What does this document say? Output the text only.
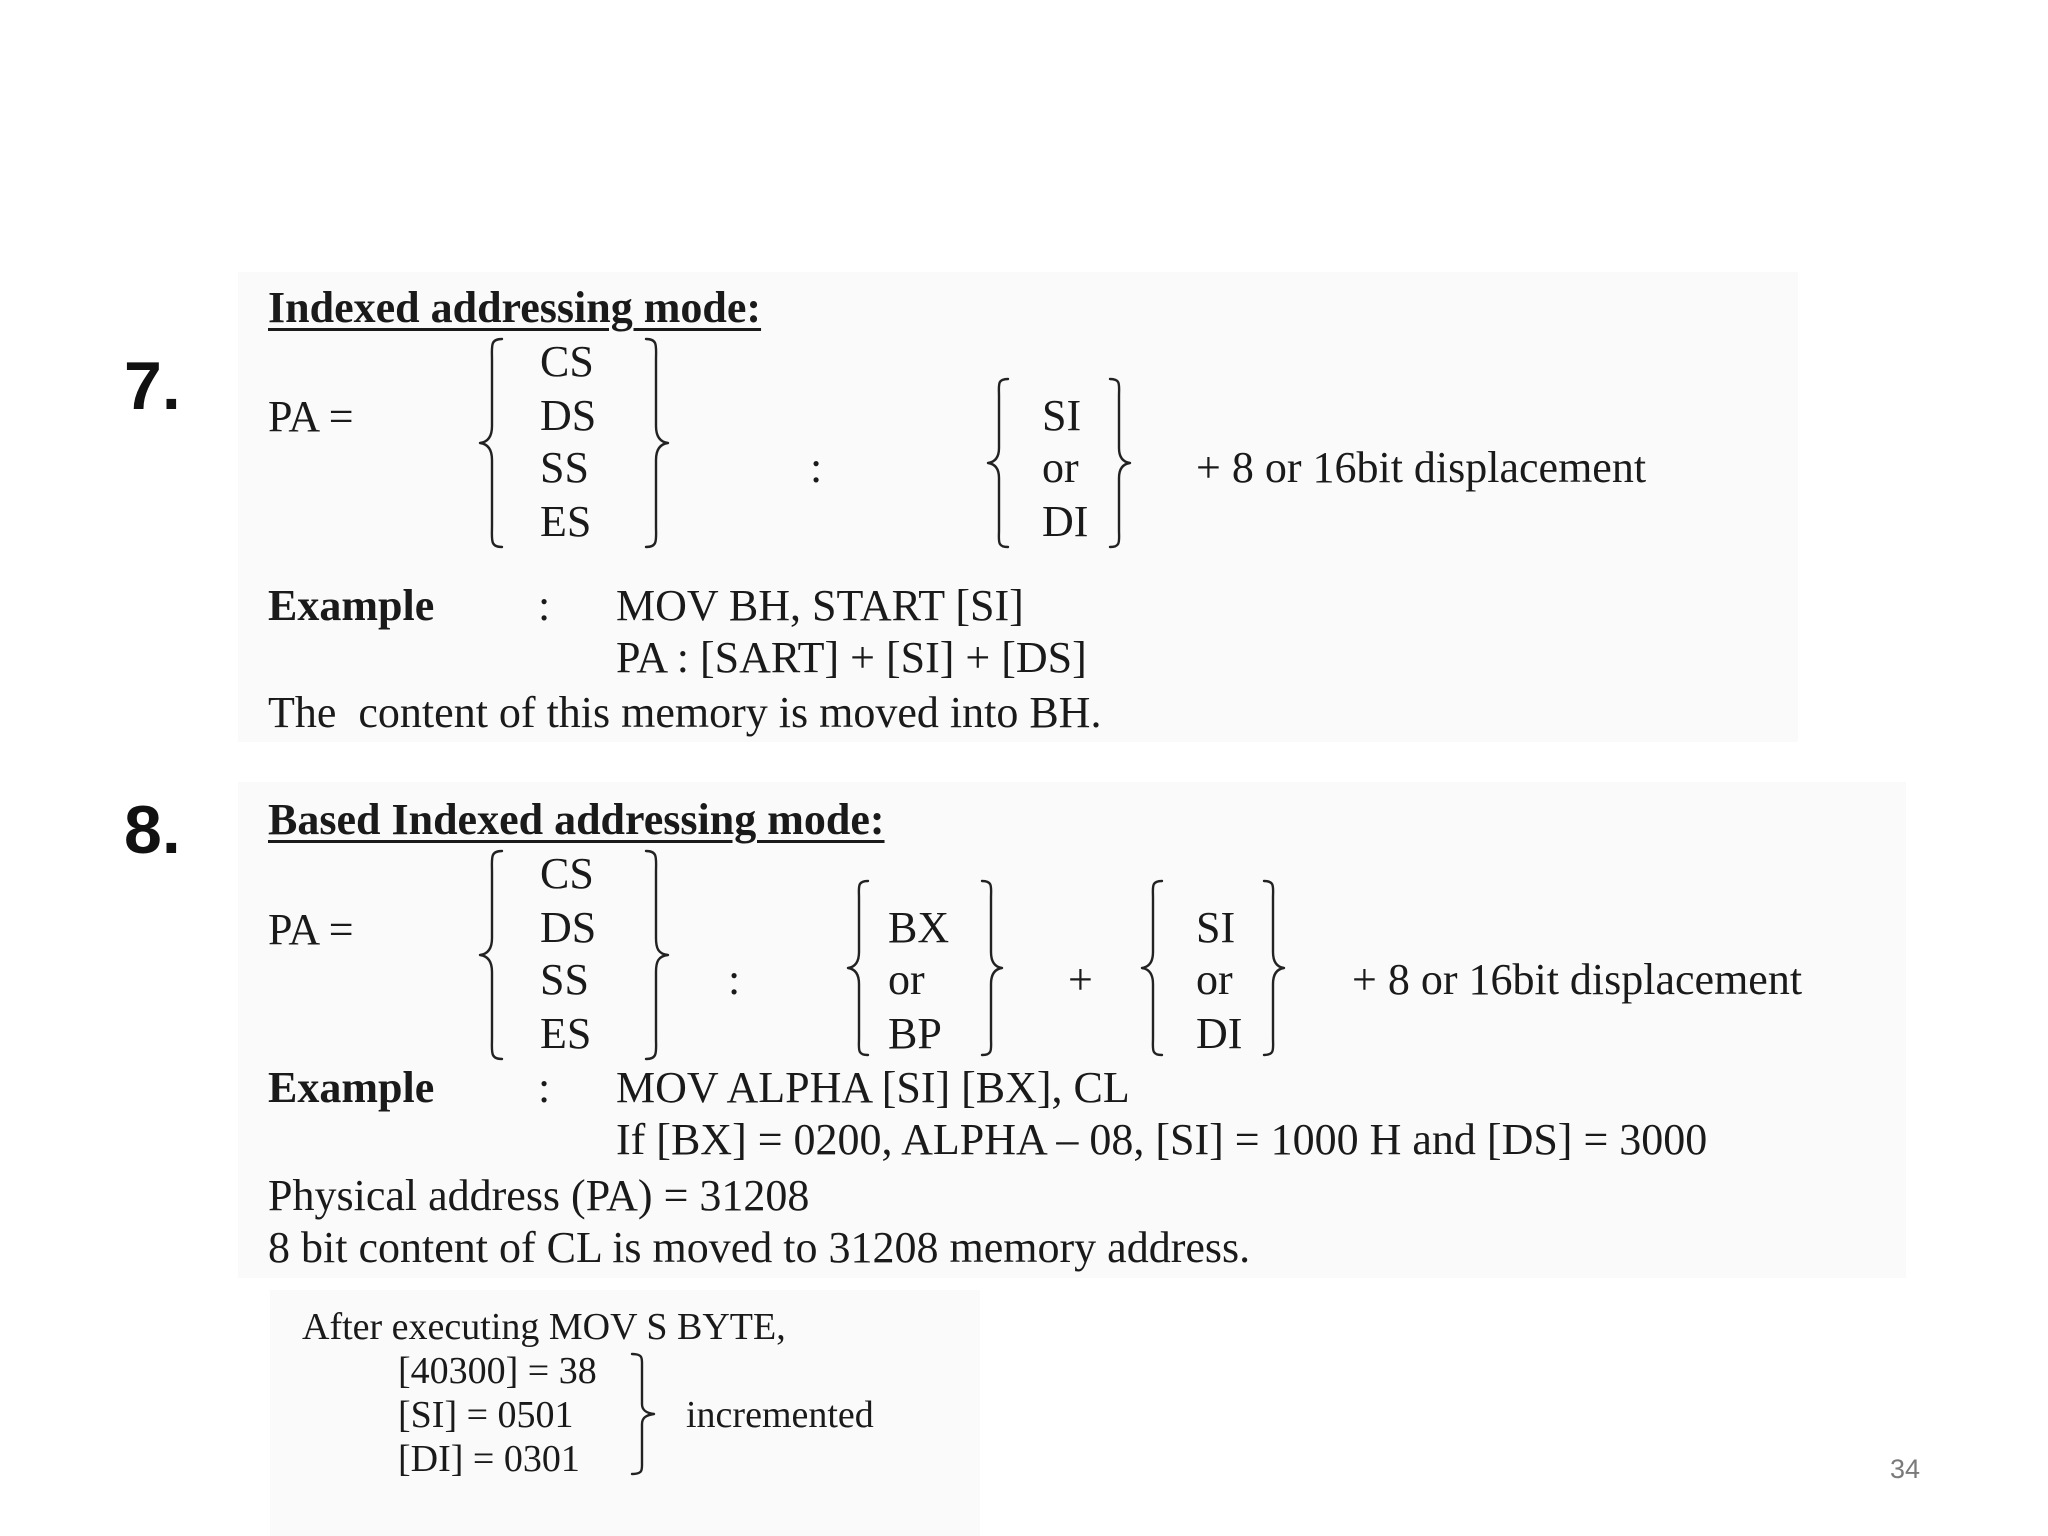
7.
Indexed addressing mode:
PA =
CS
DS
SS
ES
:
SI
or
DI
+ 8 or 16bit displacement
Example : MOV BH, START [SI]
PA : [SART] + [SI] + [DS]
The  content of this memory is moved into BH.
8. Based Indexed addressing mode:
PA =
CS
DS
SS
ES
:
BX
or
BP
+
SI
or
DI
+ 8 or 16bit displacement
Example : MOV ALPHA [SI] [BX], CL
If [BX] = 0200, ALPHA – 08, [SI] = 1000 H and [DS] = 3000
Physical address (PA) = 31208
8 bit content of CL is moved to 31208 memory address.
After executing MOV S BYTE,
[40300] = 38
[SI] = 0501
[DI] = 0301
incremented
34
